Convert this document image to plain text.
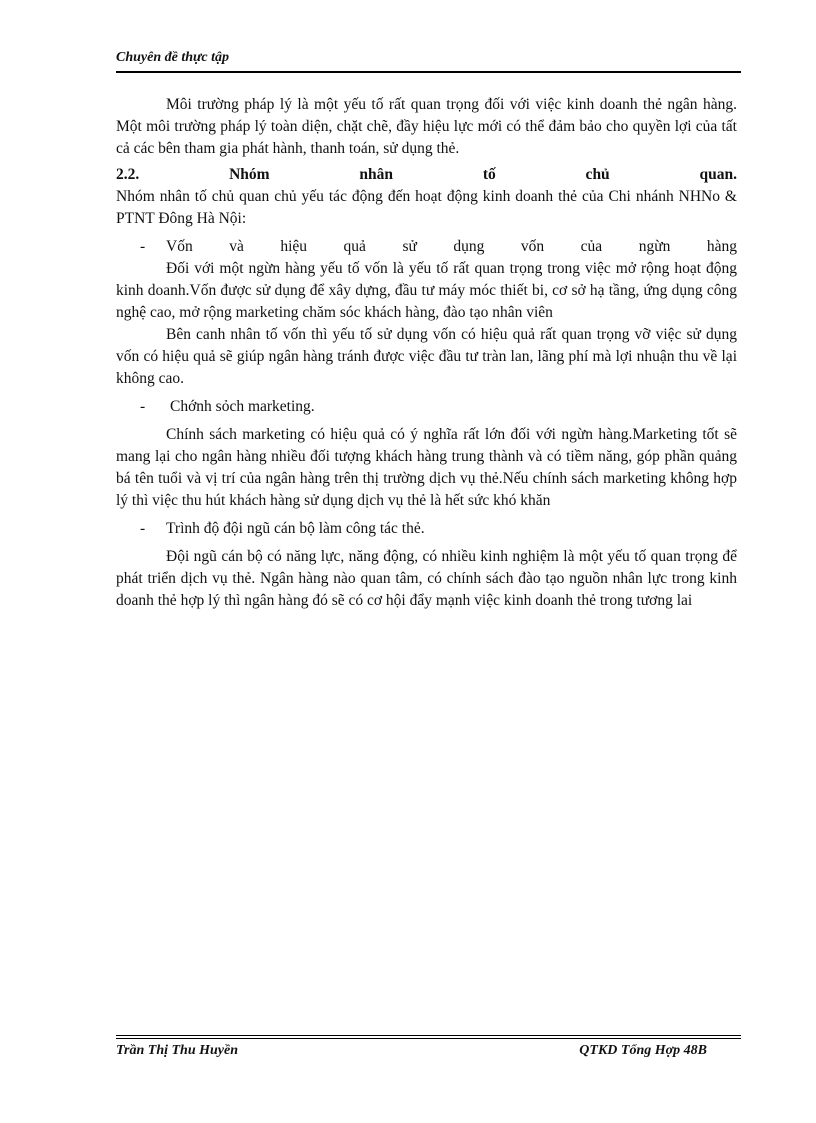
Chuyên đề thực tập

Môi trường pháp lý là một yếu tố rất quan trọng đối với việc kinh doanh thẻ ngân hàng. Một môi trường pháp lý toàn diện, chặt chẽ, đầy hiệu lực mới có thể đảm bảo cho quyền lợi của tất cả các bên tham gia phát hành, thanh toán, sử dụng thẻ.

2.2. Nhóm nhân tố chủ quan.

Nhóm nhân tố chủ quan chủ yếu tác động đến hoạt động kinh doanh thẻ của Chi nhánh NHNo & PTNT Đông Hà Nội:

- Vốn và hiệu quả sử dụng vốn của ngừn hàng

Đối với một ngừn hàng yếu tố vốn là yếu tố rất quan trọng trong việc mở rộng hoạt động kinh doanh.Vốn được sử dụng để xây dựng, đầu tư máy móc thiết bi, cơ sở hạ tầng, ứng dụng công nghệ cao, mở rộng marketing chăm sóc khách hàng, đào tạo nhân viên

Bên canh nhân tố vốn thì yếu tố sử dụng vốn có hiệu quả rất quan trọng vỡ việc sử dụng vốn có hiệu quả sẽ giúp ngân hàng tránh được việc đầu tư tràn lan, lãng phí mà lợi nhuận thu về lại không cao.

- Chớnh sỏch marketing.

Chính sách marketing có hiệu quả có ý nghĩa rất lớn đối với ngừn hàng.Marketing tốt sẽ mang lại cho ngân hàng nhiều đối tượng khách hàng trung thành và có tiềm năng, góp phần quảng bá tên tuổi và vị trí của ngân hàng trên thị trường dịch vụ thẻ.Nếu chính sách marketing không hợp lý thì việc thu hút khách hàng sử dụng dịch vụ thẻ là hết sức khó khăn

- Trình độ đội ngũ cán bộ làm công tác thẻ.

Đội ngũ cán bộ có năng lực, năng động, có nhiều kinh nghiệm là một yếu tố quan trọng để phát triển dịch vụ thẻ. Ngân hàng nào quan tâm, có chính sách đào tạo nguồn nhân lực trong kinh doanh thẻ hợp lý thì ngân hàng đó sẽ có cơ hội đẩy mạnh việc kinh doanh thẻ trong tương lai

Trần Thị Thu Huyền	QTKD Tổng Hợp 48B
